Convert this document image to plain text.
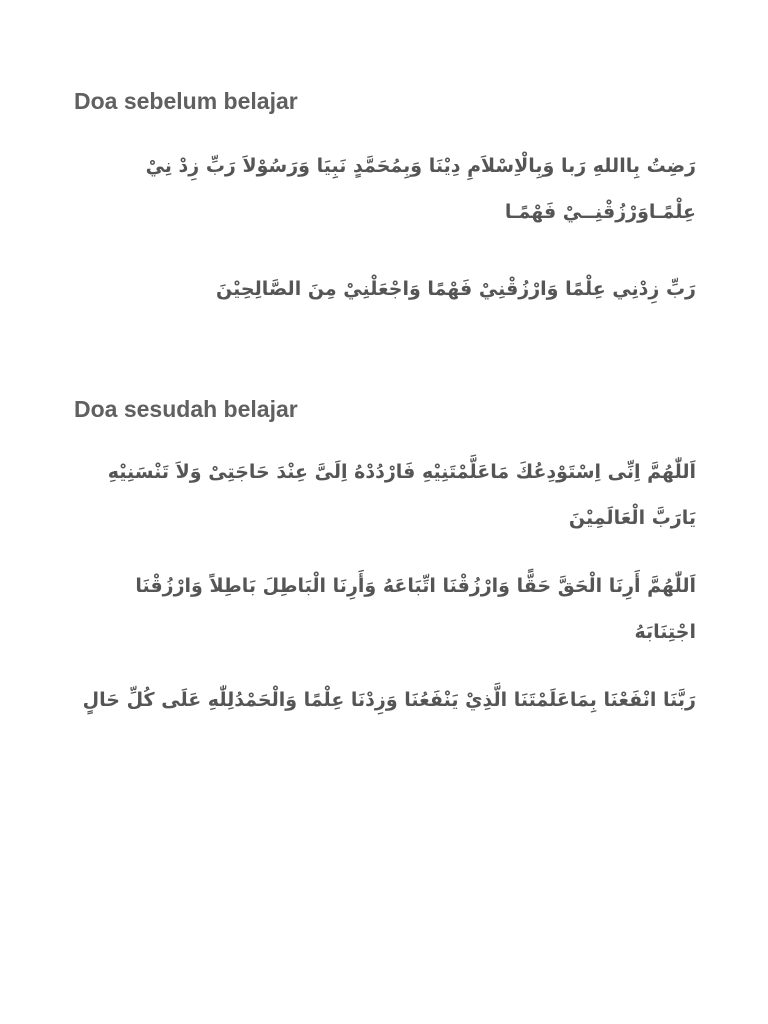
Doa sebelum belajar

رَضِتُ بِااللهِ رَبا وَبِالْاِسْلاَمِ دِيْنَا وَبِمُحَمَّدٍ نَبِيَا وَرَسُوْلاَ رَبِّ زِدْ نِيْ عِلْمًـاوَرْزُقْنِــيْ فَهْمًـا

رَبِّ زِدْنِي عِلْمًا وَارْزُقْنِيْ فَهْمًا وَاجْعَلْنِيْ مِنَ الصَّالِحِيْنَ

Doa sesudah belajar

اَللّٰهُمَّ اِنِّى اِسْتَوْدِعُكَ مَاعَلَّمْتَنِيْهِ فَارْدُدْهُ اِلَىَّ عِنْدَ حَاجَتِىْ وَلاَ تَنْسَنِيْهِ يَارَبَّ الْعَالَمِيْنَ

اَللّٰهُمَّ أَرِنَا الْحَقَّ حَقًّا وَارْزُقْنَا اتِّبَاعَهُ وَأَرِنَا الْبَاطِلَ بَاطِلاً وَارْزُقْنَا اجْتِنَابَهُ

رَبَّنَا انْفَعْنَا بِمَاعَلَمْتَنَا الَّذِيْ يَنْفَعُنَا وَزِدْنَا عِلْمًا وَالْحَمْدُلِلّٰهِ عَلَى كُلِّ حَالٍ
